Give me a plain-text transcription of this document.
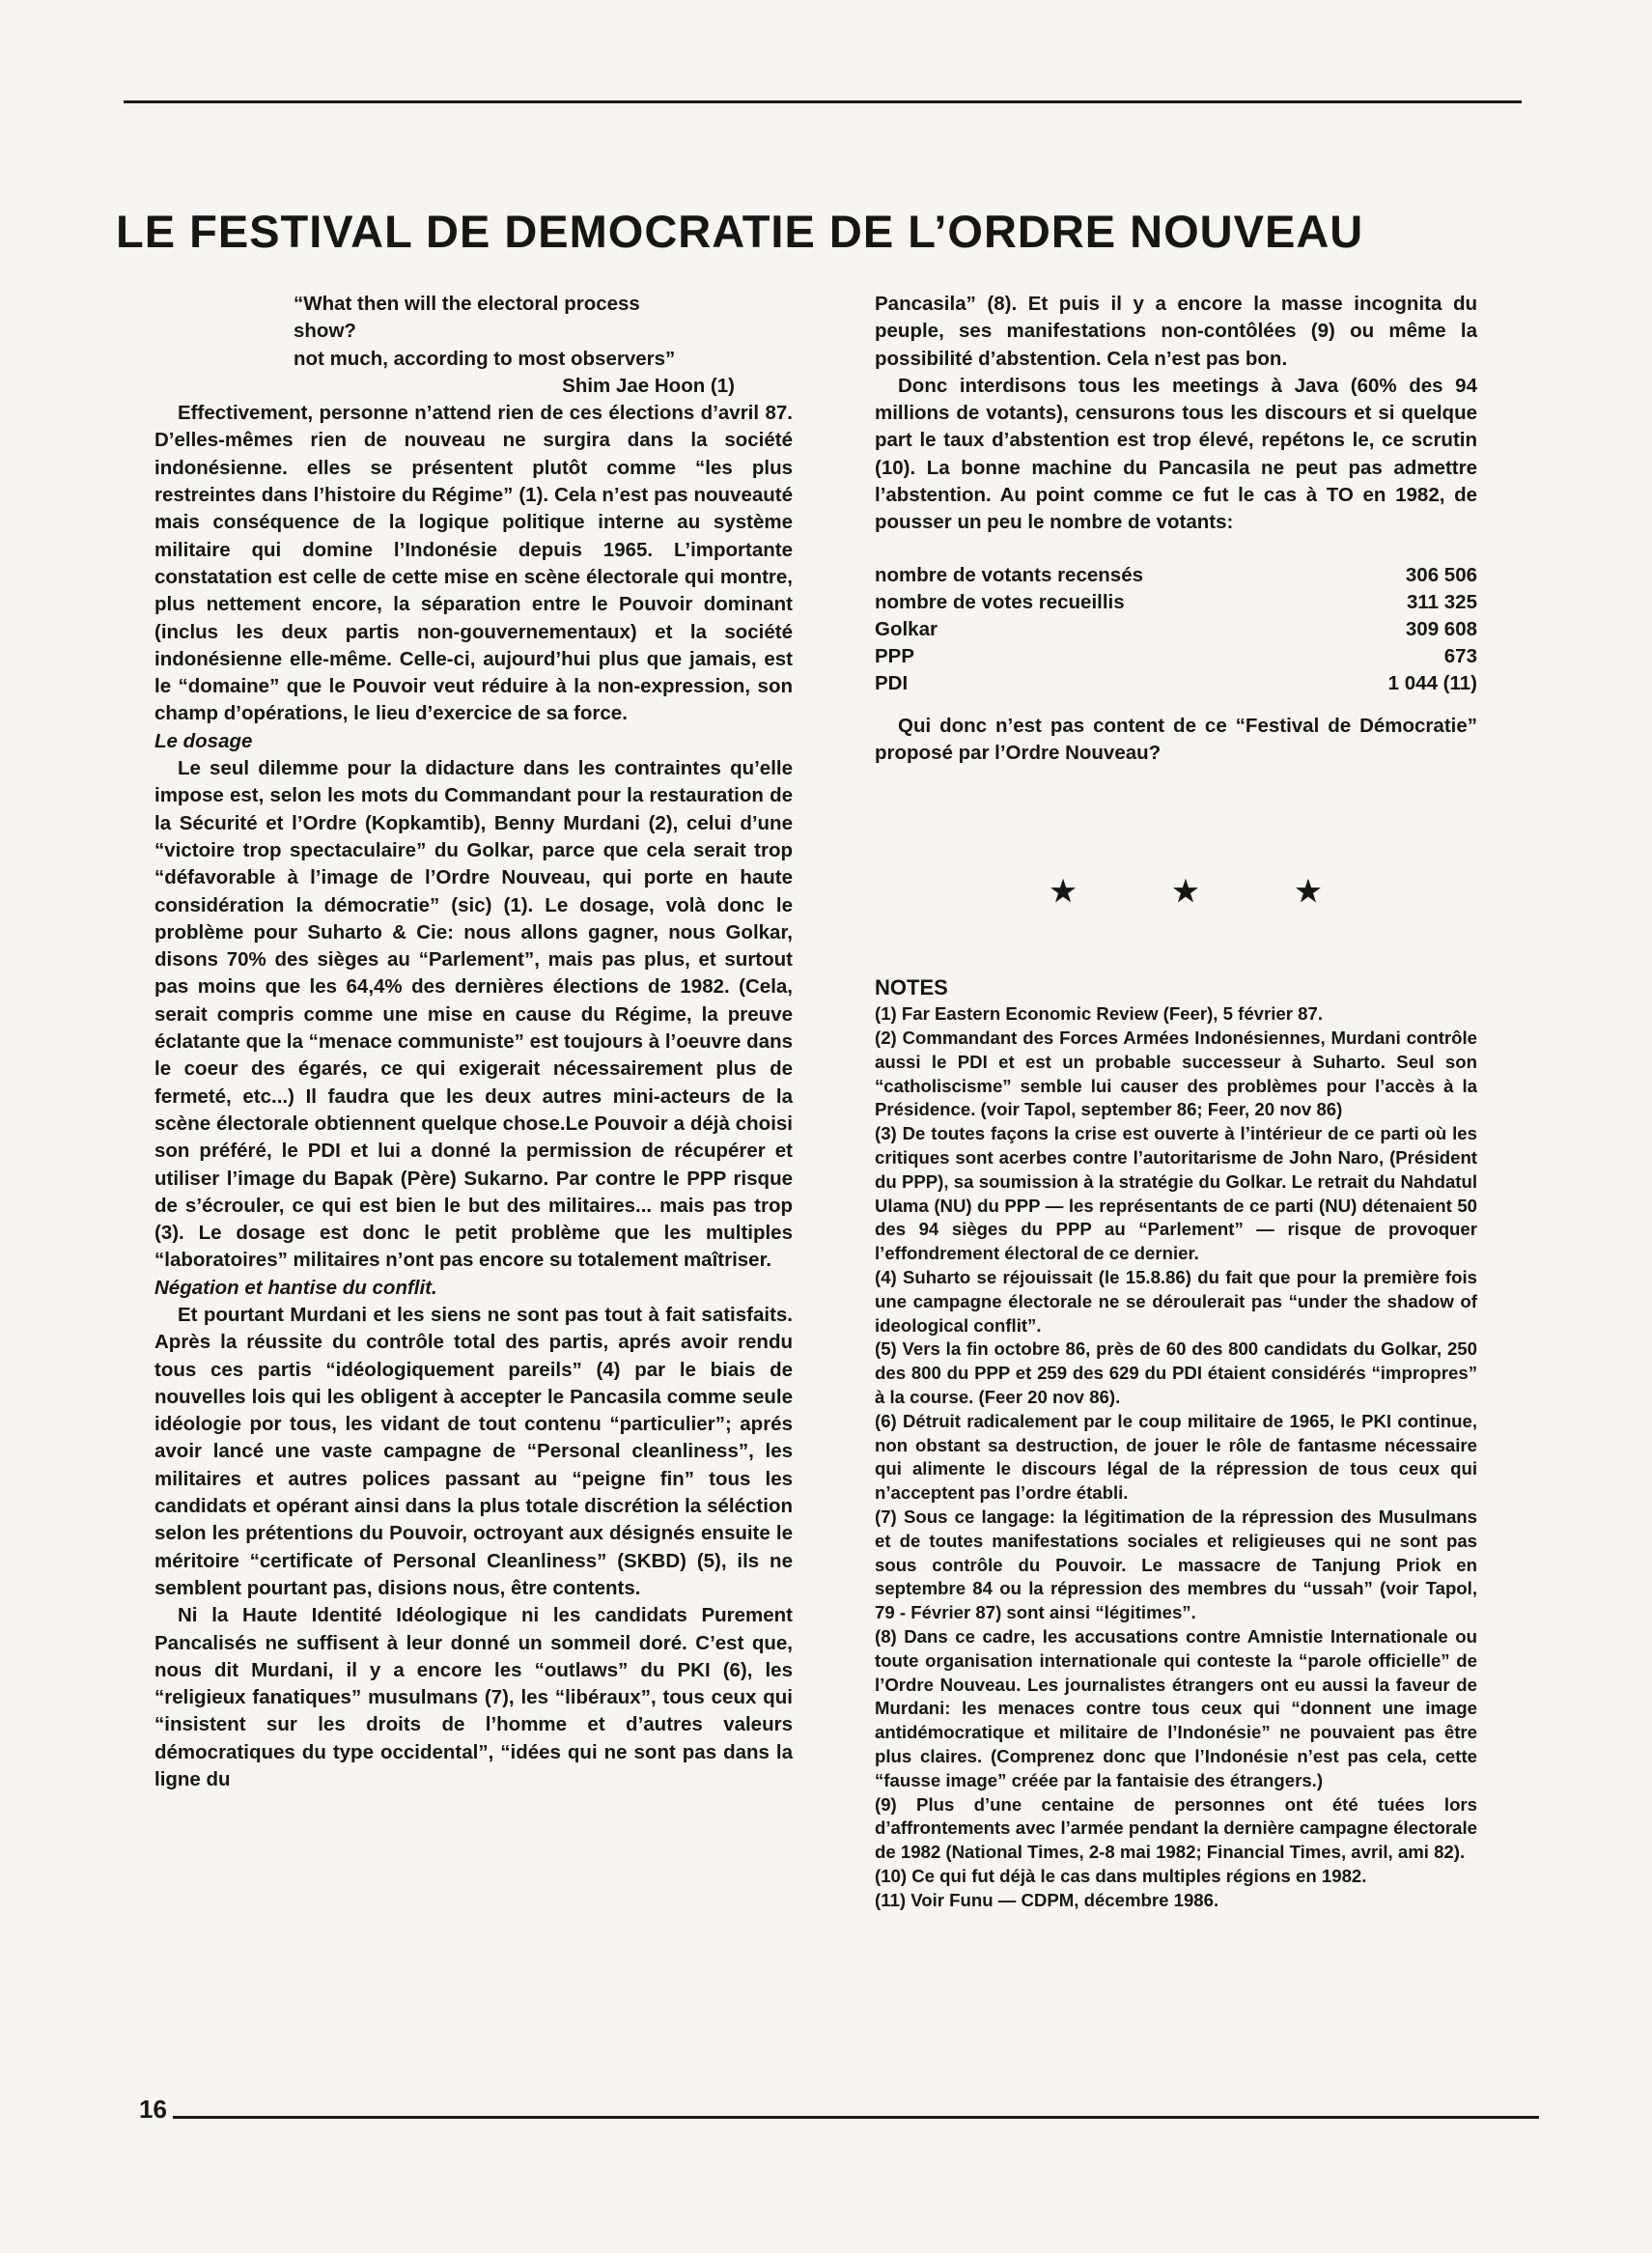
LE FESTIVAL DE DEMOCRATIE DE L’ORDRE NOUVEAU

“What then will the electoral process

show?

not much, according to most observers”

Shim Jae Hoon (1)

Effectivement, personne n’attend rien de ces élections d’avril 87. D’elles-mêmes rien de nouveau ne surgira dans la société indonésienne. elles se présentent plutôt comme “les plus restreintes dans l’histoire du Régime” (1). Cela n’est pas nouveauté mais conséquence de la logique politique interne au système militaire qui domine l’Indonésie depuis 1965. L’importante constatation est celle de cette mise en scène électorale qui montre, plus nettement encore, la séparation entre le Pouvoir dominant (inclus les deux partis non-gouvernementaux) et la société indonésienne elle-même. Celle-ci, aujourd’hui plus que jamais, est le “domaine” que le Pouvoir veut réduire à la non-expression, son champ d’opérations, le lieu d’exercice de sa force.

Le dosage

Le seul dilemme pour la didacture dans les contraintes qu’elle impose est, selon les mots du Commandant pour la restauration de la Sécurité et l’Ordre (Kopkamtib), Benny Murdani (2), celui d’une “victoire trop spectaculaire” du Golkar, parce que cela serait trop “défavorable à l’image de l’Ordre Nouveau, qui porte en haute considération la démocratie” (sic) (1). Le dosage, volà donc le problème pour Suharto & Cie: nous allons gagner, nous Golkar, disons 70% des sièges au “Parlement”, mais pas plus, et surtout pas moins que les 64,4% des dernières élections de 1982. (Cela, serait compris comme une mise en cause du Régime, la preuve éclatante que la “menace communiste” est toujours à l’oeuvre dans le coeur des égarés, ce qui exigerait nécessairement plus de fermeté, etc...) Il faudra que les deux autres mini-acteurs de la scène électorale obtiennent quelque chose.Le Pouvoir a déjà choisi son préféré, le PDI et lui a donné la permission de récupérer et utiliser l’image du Bapak (Père) Sukarno. Par contre le PPP risque de s’écrouler, ce qui est bien le but des militaires... mais pas trop (3). Le dosage est donc le petit problème que les multiples “laboratoires” militaires n’ont pas encore su totalement maîtriser.

Négation et hantise du conflit.

Et pourtant Murdani et les siens ne sont pas tout à fait satisfaits. Après la réussite du contrôle total des partis, aprés avoir rendu tous ces partis “idéologiquement pareils” (4) par le biais de nouvelles lois qui les obligent à accepter le Pancasila comme seule idéologie por tous, les vidant de tout contenu “particulier”; aprés avoir lancé une vaste campagne de “Personal cleanliness”, les militaires et autres polices passant au “peigne fin” tous les candidats et opérant ainsi dans la plus totale discrétion la séléction selon les prétentions du Pouvoir, octroyant aux désignés ensuite le méritoire “certificate of Personal Cleanliness” (SKBD) (5), ils ne semblent pourtant pas, disions nous, être contents.

Ni la Haute Identité Idéologique ni les candidats Purement Pancalisés ne suffisent à leur donné un sommeil doré. C’est que, nous dit Murdani, il y a encore les “outlaws” du PKI (6), les “religieux fanatiques” musulmans (7), les “libéraux”, tous ceux qui “insistent sur les droits de l’homme et d’autres valeurs démocratiques du type occidental”, “idées qui ne sont pas dans la ligne du

Pancasila” (8). Et puis il y a encore la masse incognita du peuple, ses manifestations non-contôlées (9) ou même la possibilité d’abstention. Cela n’est pas bon.

Donc interdisons tous les meetings à Java (60% des 94 millions de votants), censurons tous les discours et si quelque part le taux d’abstention est trop élevé, repétons le, ce scrutin (10). La bonne machine du Pancasila ne peut pas admettre l’abstention. Au point comme ce fut le cas à TO en 1982, de pousser un peu le nombre de votants:

nombre de votants recensés	306 506
nombre de votes recueillis	311 325
Golkar	309 608
PPP	673
PDI	1 044 (11)

Qui donc n’est pas content de ce “Festival de Démocratie” proposé par l’Ordre Nouveau?

★	★	★
NOTES

(1) Far Eastern Economic Review (Feer), 5 février 87.

(2) Commandant des Forces Armées Indonésiennes, Murdani contrôle aussi le PDI et est un probable successeur à Suharto. Seul son “catholiscisme” semble lui causer des problèmes pour l’accès à la Présidence. (voir Tapol, september 86; Feer, 20 nov 86)

(3) De toutes façons la crise est ouverte à l’intérieur de ce parti où les critiques sont acerbes contre l’autoritarisme de John Naro, (Président du PPP), sa soumission à la stratégie du Golkar. Le retrait du Nahdatul Ulama (NU) du PPP — les représentants de ce parti (NU) détenaient 50 des 94 sièges du PPP au “Parlement” — risque de provoquer l’effondrement électoral de ce dernier.

(4) Suharto se réjouissait (le 15.8.86) du fait que pour la première fois une campagne électorale ne se déroulerait pas “under the shadow of ideological conflit”.

(5) Vers la fin octobre 86, près de 60 des 800 candidats du Golkar, 250 des 800 du PPP et 259 des 629 du PDI étaient considérés “impropres” à la course. (Feer 20 nov 86).

(6) Détruit radicalement par le coup militaire de 1965, le PKI continue, non obstant sa destruction, de jouer le rôle de fantasme nécessaire qui alimente le discours légal de la répression de tous ceux qui n’acceptent pas l’ordre établi.

(7) Sous ce langage: la légitimation de la répression des Musulmans et de toutes manifestations sociales et religieuses qui ne sont pas sous contrôle du Pouvoir. Le massacre de Tanjung Priok en septembre 84 ou la répression des membres du “ussah” (voir Tapol, 79 - Février 87) sont ainsi “légitimes”.

(8) Dans ce cadre, les accusations contre Amnistie Internationale ou toute organisation internationale qui conteste la “parole officielle” de l’Ordre Nouveau. Les journalistes étrangers ont eu aussi la faveur de Murdani: les menaces contre tous ceux qui “donnent une image antidémocratique et militaire de l’Indonésie” ne pouvaient pas être plus claires. (Comprenez donc que l’Indonésie n’est pas cela, cette “fausse image” créée par la fantaisie des étrangers.)

(9) Plus d’une centaine de personnes ont été tuées lors d’affrontements avec l’armée pendant la dernière campagne électorale de 1982 (National Times, 2-8 mai 1982; Financial Times, avril, ami 82).

(10) Ce qui fut déjà le cas dans multiples régions en 1982.

(11) Voir Funu — CDPM, décembre 1986.

16
